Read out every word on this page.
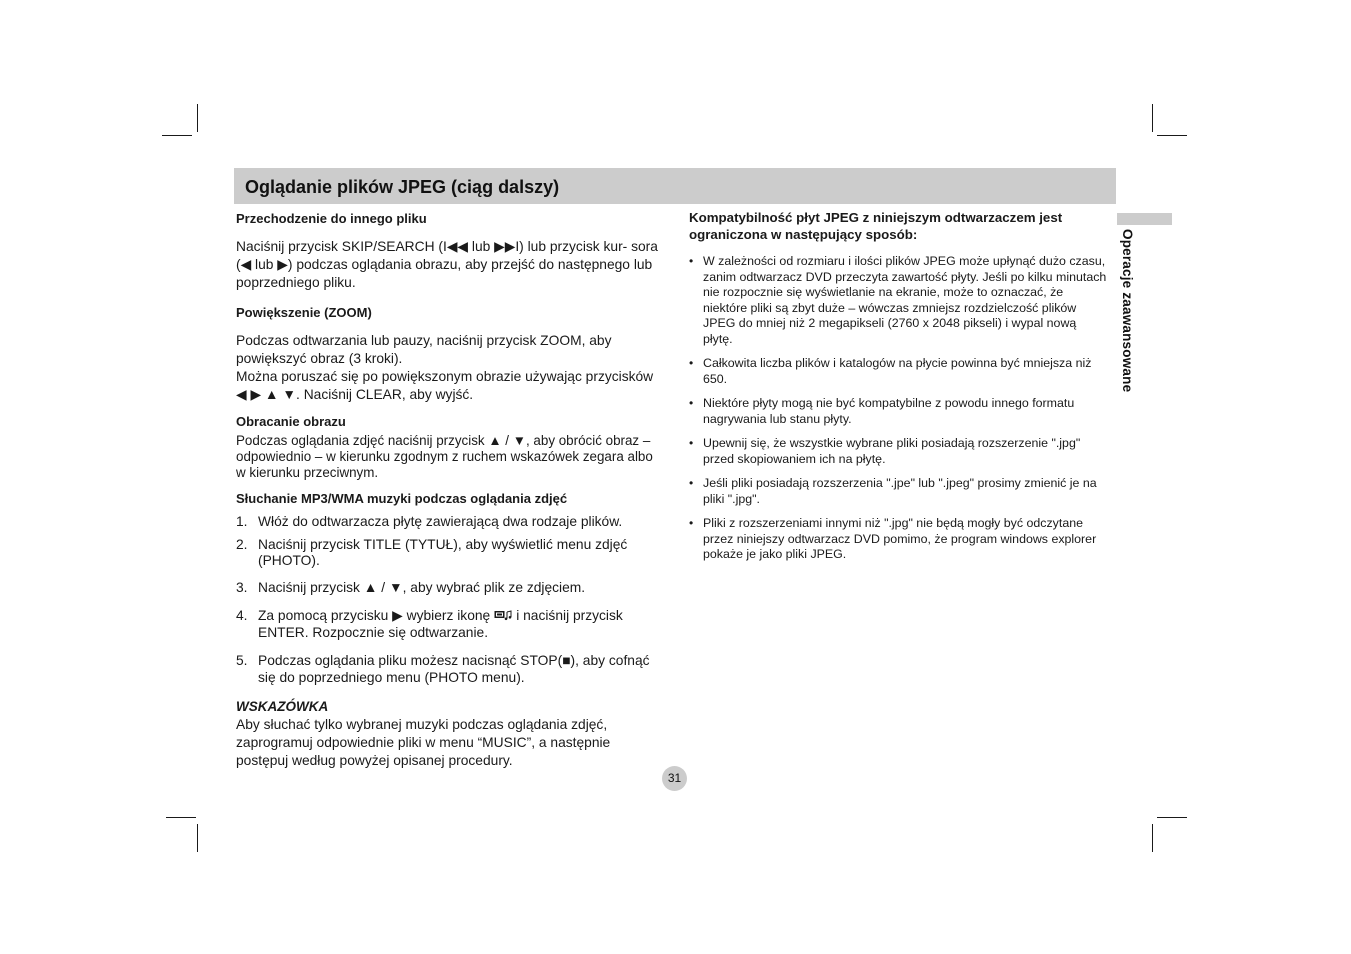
Oglądanie plików JPEG (ciąg dalszy)
Operacje zaawansowane
Przechodzenie do innego pliku

Naciśnij przycisk SKIP/SEARCH (I◀◀ lub ▶▶I) lub przycisk kur- sora (◀ lub ▶) podczas oglądania obrazu, aby przejść do następnego lub poprzedniego pliku.

Powiększenie (ZOOM)

Podczas odtwarzania lub pauzy, naciśnij przycisk ZOOM, aby powiększyć obraz (3 kroki).
Można poruszać się po powiększonym obrazie używając przycisków ◀ ▶ ▲ ▼. Naciśnij CLEAR, aby wyjść.

Obracanie obrazu

Podczas oglądania zdjęć naciśnij przycisk ▲ / ▼, aby obrócić obraz – odpowiednio – w kierunku zgodnym z ruchem wskazówek zegara albo w kierunku przeciwnym.

Słuchanie MP3/WMA muzyki podczas oglądania zdjęć
1. Włóż do odtwarzacza płytę zawierającą dwa rodzaje plików.
2. Naciśnij przycisk TITLE (TYTUŁ), aby wyświetlić menu zdjęć (PHOTO).
3. Naciśnij przycisk ▲ / ▼, aby wybrać plik ze zdjęciem.
4. Za pomocą przycisku ▶ wybierz ikonę i naciśnij przycisk ENTER. Rozpocznie się odtwarzanie.
5. Podczas oglądania pliku możesz nacisnąć STOP(■), aby cofnąć się do poprzedniego menu (PHOTO menu).
WSKAZÓWKA

Aby słuchać tylko wybranej muzyki podczas oglądania zdjęć, zaprogramuj odpowiednie pliki w menu “MUSIC”, a następnie postępuj według powyżej opisanej procedury.

Kompatybilność płyt JPEG z niniejszym odtwarzaczem jest ograniczona w następujący sposób:
• W zależności od rozmiaru i ilości plików JPEG może upłynąć dużo czasu, zanim odtwarzacz DVD przeczyta zawartość płyty. Jeśli po kilku minutach nie rozpocznie się wyświetlanie na ekranie, może to oznaczać, że niektóre pliki są zbyt duże – wówczas zmniejsz rozdzielczość plików JPEG do mniej niż 2 megapikseli (2760 x 2048 pikseli) i wypal nową płytę.
• Całkowita liczba plików i katalogów na płycie powinna być mniejsza niż 650.
• Niektóre płyty mogą nie być kompatybilne z powodu innego formatu nagrywania lub stanu płyty.
• Upewnij się, że wszystkie wybrane pliki posiadają rozszerzenie ".jpg" przed skopiowaniem ich na płytę.
• Jeśli pliki posiadają rozszerzenia ".jpe" lub ".jpeg" prosimy zmienić je na pliki ".jpg".
• Pliki z rozszerzeniami innymi niż ".jpg" nie będą mogły być odczytane przez niniejszy odtwarzacz DVD pomimo, że program windows explorer pokaże je jako pliki JPEG.
31
